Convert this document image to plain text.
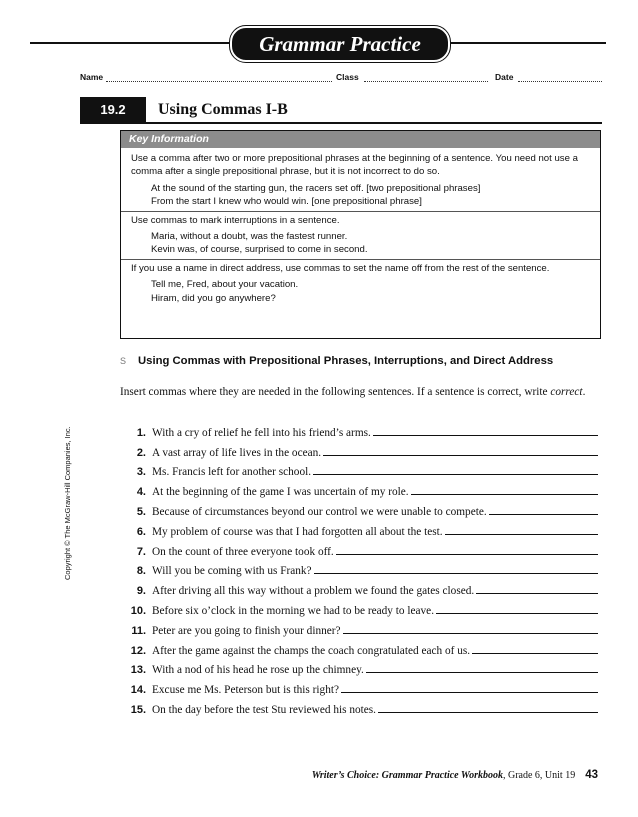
Grammar Practice
Name	Class	Date
19.2	Using Commas I-B
Key Information

Use a comma after two or more prepositional phrases at the beginning of a sentence. You need not use a comma after a single prepositional phrase, but it is not incorrect to do so.

At the sound of the starting gun, the racers set off. [two prepositional phrases]

From the start I knew who would win. [one prepositional phrase]

Use commas to mark interruptions in a sentence.

Maria, without a doubt, was the fastest runner.

Kevin was, of course, surprised to come in second.

If you use a name in direct address, use commas to set the name off from the rest of the sentence.

Tell me, Fred, about your vacation.

Hiram, did you go anywhere?

S	Using Commas with Prepositional Phrases, Interruptions, and Direct Address
Insert commas where they are needed in the following sentences. If a sentence is correct, write correct.
1. With a cry of relief he fell into his friend’s arms.
2. A vast array of life lives in the ocean.
3. Ms. Francis left for another school.
4. At the beginning of the game I was uncertain of my role.
5. Because of circumstances beyond our control we were unable to compete.
6. My problem of course was that I had forgotten all about the test.
7. On the count of three everyone took off.
8. Will you be coming with us Frank?
9. After driving all this way without a problem we found the gates closed.
10. Before six o’clock in the morning we had to be ready to leave.
11. Peter are you going to finish your dinner?
12. After the game against the champs the coach congratulated each of us.
13. With a nod of his head he rose up the chimney.
14. Excuse me Ms. Peterson but is this right?
15. On the day before the test Stu reviewed his notes.
Copyright © The McGraw-Hill Companies, Inc.
Writer’s Choice: Grammar Practice Workbook, Grade 6, Unit 19 43
